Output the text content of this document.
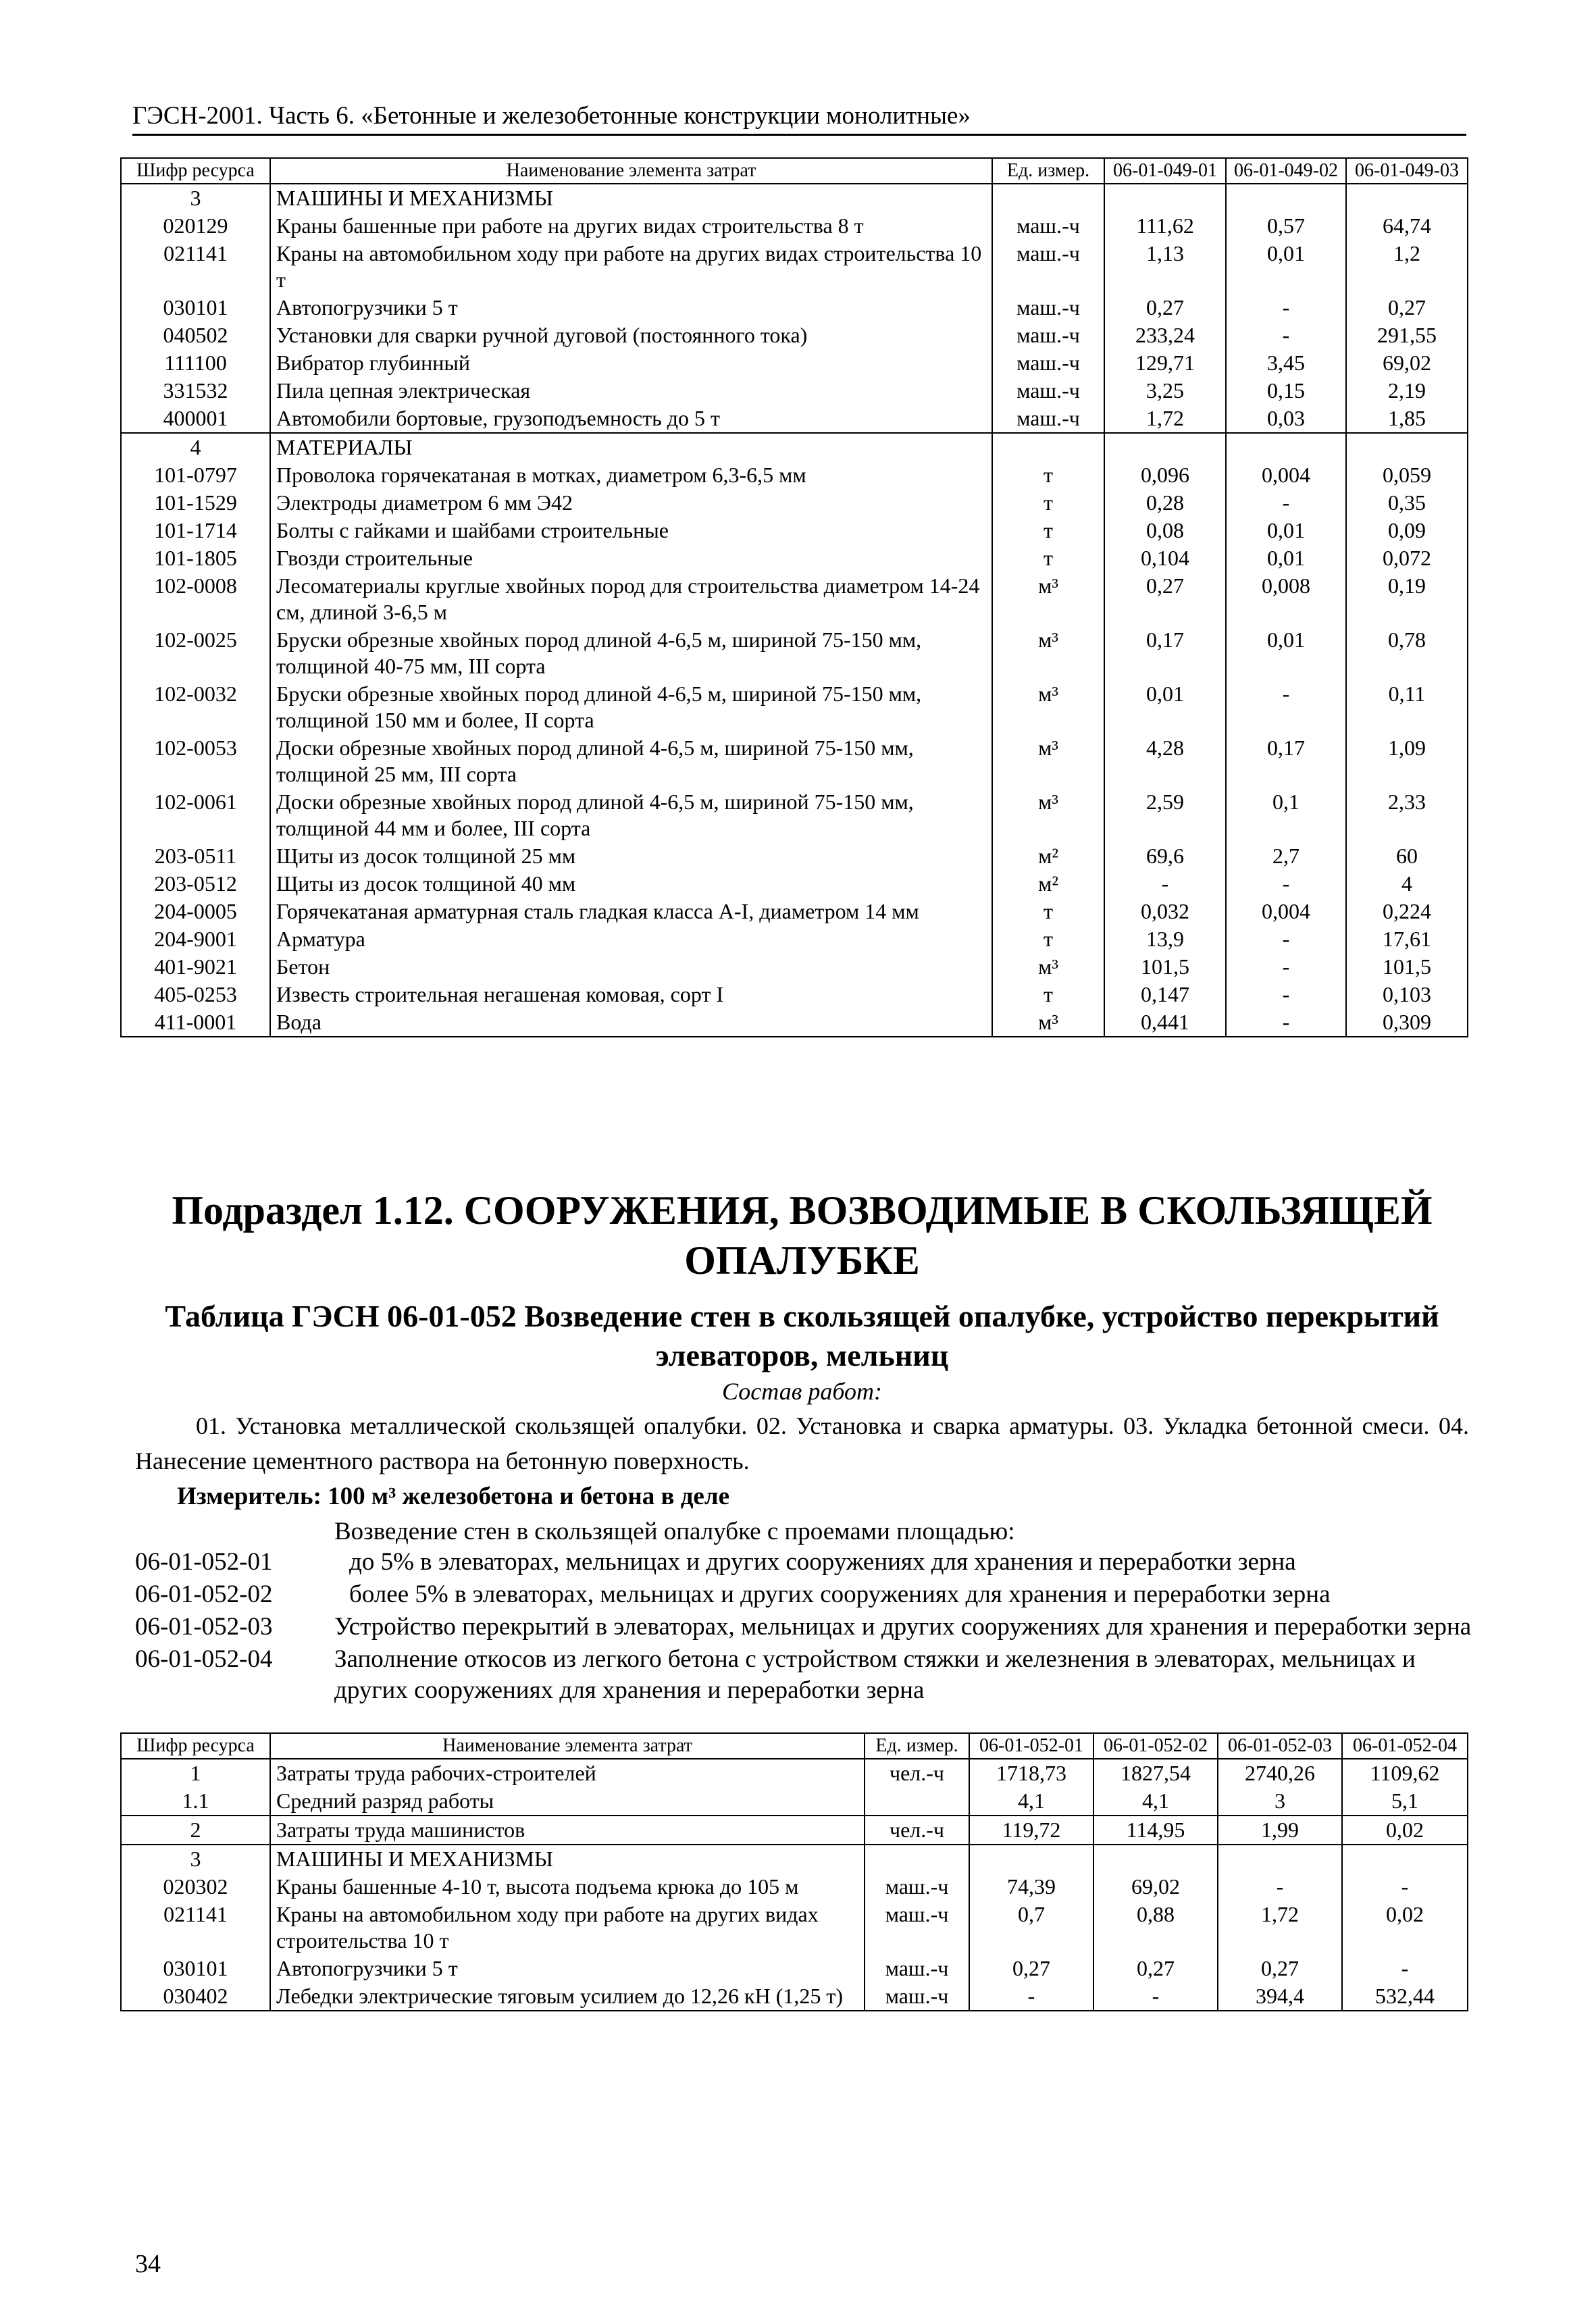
ГЭСН-2001. Часть 6. «Бетонные и железобетонные конструкции монолитные»
Шифр ресурса	Наименование элемента затрат	Ед. измер.	06-01-049-01	06-01-049-02	06-01-049-03
3	МАШИНЫ И МЕХАНИЗМЫ				
020129	Краны башенные при работе на других видах строительства 8 т	маш.-ч	111,62	0,57	64,74
021141	Краны на автомобильном ходу при работе на других видах строительства 10 т	маш.-ч	1,13	0,01	1,2
030101	Автопогрузчики 5 т	маш.-ч	0,27	-	0,27
040502	Установки для сварки ручной дуговой (постоянного тока)	маш.-ч	233,24	-	291,55
111100	Вибратор глубинный	маш.-ч	129,71	3,45	69,02
331532	Пила цепная электрическая	маш.-ч	3,25	0,15	2,19
400001	Автомобили бортовые, грузоподъемность до 5 т	маш.-ч	1,72	0,03	1,85
4	МАТЕРИАЛЫ				
101-0797	Проволока горячекатаная в мотках, диаметром 6,3-6,5 мм	т	0,096	0,004	0,059
101-1529	Электроды диаметром 6 мм Э42	т	0,28	-	0,35
101-1714	Болты с гайками и шайбами строительные	т	0,08	0,01	0,09
101-1805	Гвозди строительные	т	0,104	0,01	0,072
102-0008	Лесоматериалы круглые хвойных пород для строительства диаметром 14-24 см, длиной 3-6,5 м	м³	0,27	0,008	0,19
102-0025	Бруски обрезные хвойных пород длиной 4-6,5 м, шириной 75-150 мм, толщиной 40-75 мм, III сорта	м³	0,17	0,01	0,78
102-0032	Бруски обрезные хвойных пород длиной 4-6,5 м, шириной 75-150 мм, толщиной 150 мм и более, II сорта	м³	0,01	-	0,11
102-0053	Доски обрезные хвойных пород длиной 4-6,5 м, шириной 75-150 мм, толщиной 25 мм, III сорта	м³	4,28	0,17	1,09
102-0061	Доски обрезные хвойных пород длиной 4-6,5 м, шириной 75-150 мм, толщиной 44 мм и более, III сорта	м³	2,59	0,1	2,33
203-0511	Щиты из досок толщиной 25 мм	м²	69,6	2,7	60
203-0512	Щиты из досок толщиной 40 мм	м²	-	-	4
204-0005	Горячекатаная арматурная сталь гладкая класса А-I, диаметром 14 мм	т	0,032	0,004	0,224
204-9001	Арматура	т	13,9	-	17,61
401-9021	Бетон	м³	101,5	-	101,5
405-0253	Известь строительная негашеная комовая, сорт I	т	0,147	-	0,103
411-0001	Вода	м³	0,441	-	0,309
Подраздел 1.12. СООРУЖЕНИЯ, ВОЗВОДИМЫЕ В СКОЛЬЗЯЩЕЙ ОПАЛУБКЕ
Таблица ГЭСН 06-01-052 Возведение стен в скользящей опалубке, устройство перекрытий элеваторов, мельниц
Состав работ:
01. Установка металлической скользящей опалубки. 02. Установка и сварка арматуры. 03. Укладка бетонной смеси. 04. Нанесение цементного раствора на бетонную поверхность.
Измеритель: 100 м³ железобетона и бетона в деле
Возведение стен в скользящей опалубке с проемами площадью:
06-01-052-01	до 5% в элеваторах, мельницах и других сооружениях для хранения и переработки зерна
06-01-052-02	более 5% в элеваторах, мельницах и других сооружениях для хранения и переработки зерна
06-01-052-03	Устройство перекрытий в элеваторах, мельницах и других сооружениях для хранения и переработки зерна
06-01-052-04	Заполнение откосов из легкого бетона с устройством стяжки и железнения в элеваторах, мельницах и других сооружениях для хранения и переработки зерна
Шифр ресурса	Наименование элемента затрат	Ед. измер.	06-01-052-01	06-01-052-02	06-01-052-03	06-01-052-04
1	Затраты труда рабочих-строителей	чел.-ч	1718,73	1827,54	2740,26	1109,62
1.1	Средний разряд работы		4,1	4,1	3	5,1
2	Затраты труда машинистов	чел.-ч	119,72	114,95	1,99	0,02
3	МАШИНЫ И МЕХАНИЗМЫ					
020302	Краны башенные 4-10 т, высота подъема крюка до 105 м	маш.-ч	74,39	69,02	-	-
021141	Краны на автомобильном ходу при работе на других видах строительства 10 т	маш.-ч	0,7	0,88	1,72	0,02
030101	Автопогрузчики 5 т	маш.-ч	0,27	0,27	0,27	-
030402	Лебедки электрические тяговым усилием до 12,26 кН (1,25 т)	маш.-ч	-	-	394,4	532,44
34
